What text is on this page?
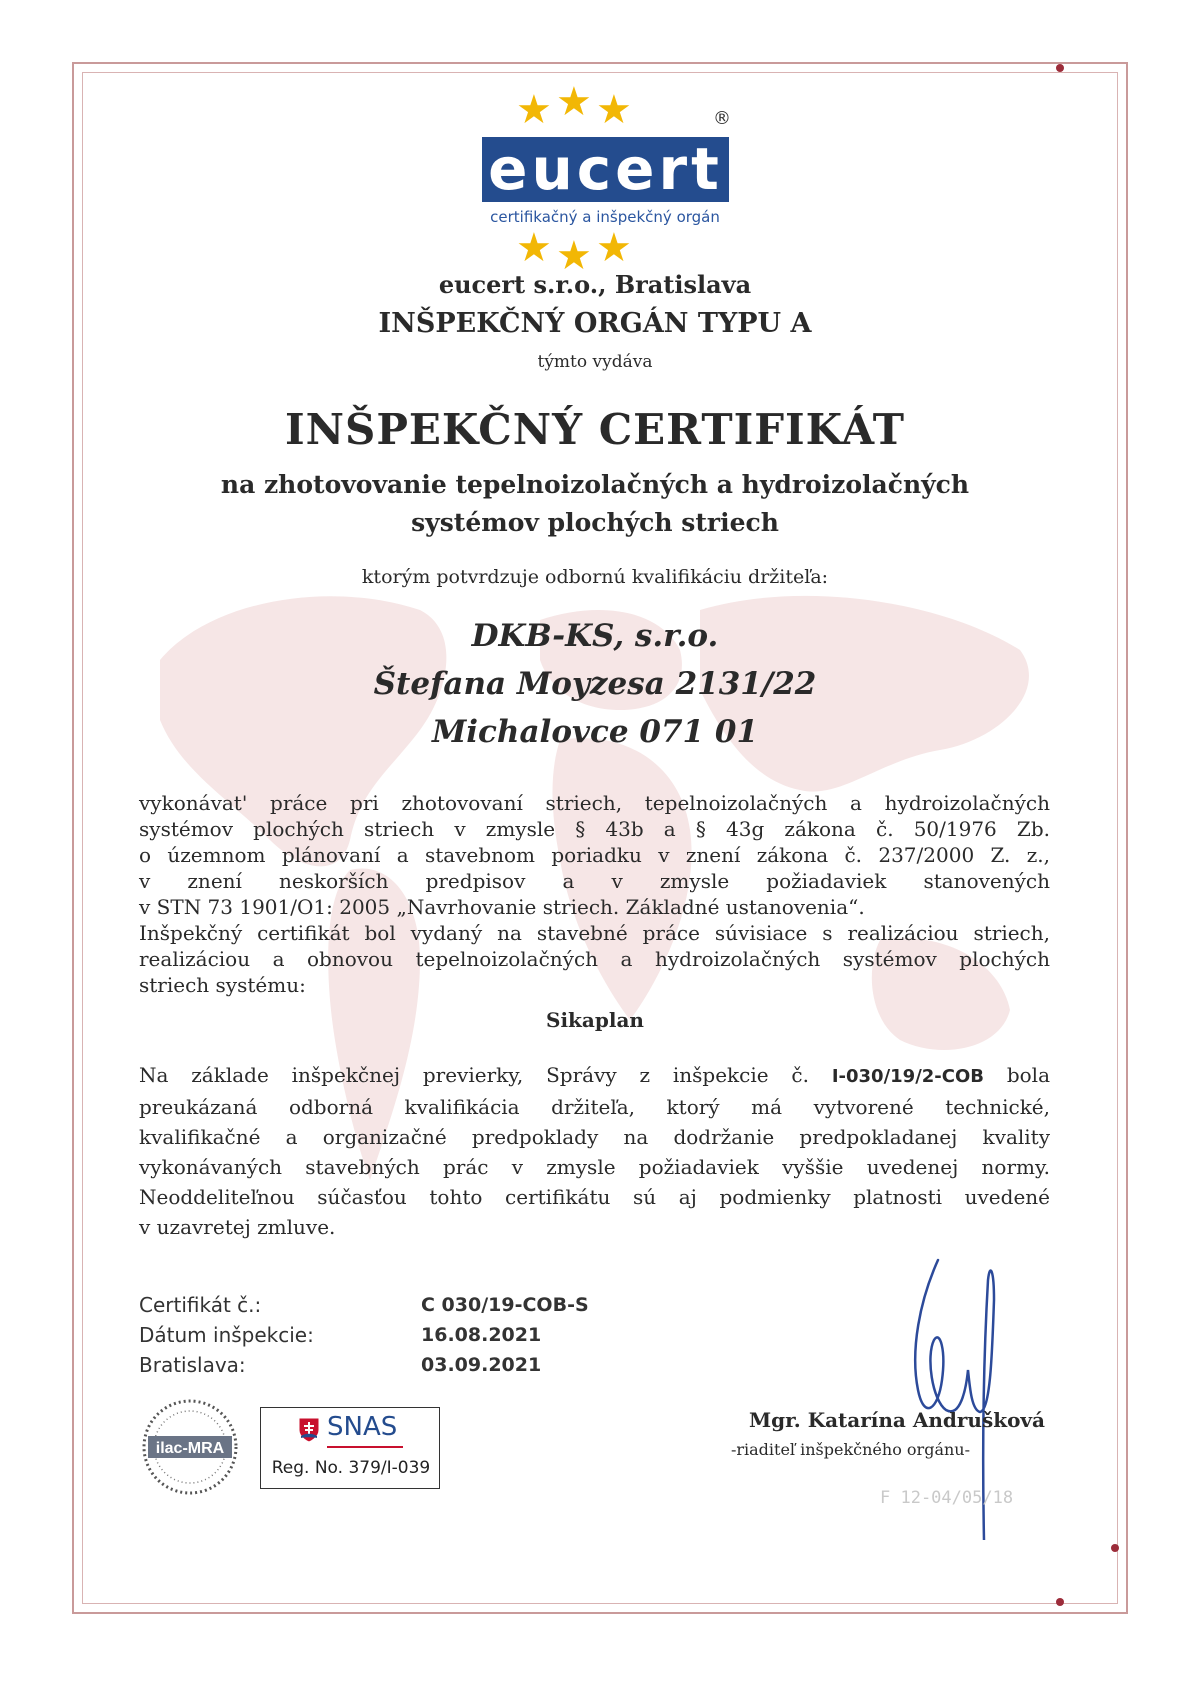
★ ★ ★	®
eucert
certifikačný a inšpekčný orgán
★ ★ ★
eucert s.r.o., Bratislava
INŠPEKČNÝ ORGÁN TYPU A
týmto vydáva
INŠPEKČNÝ CERTIFIKÁT
na zhotovovanie tepelnoizolačných a hydroizolačných
systémov plochých striech
ktorým potvrdzuje odbornú kvalifikáciu držiteľa:
DKB-KS, s.r.o.
Štefana Moyzesa 2131/22
Michalovce 071 01
vykonávat' práce pri zhotovovaní striech, tepelnoizolačných a hydroizolačných
systémov plochých striech v zmysle § 43b a § 43g zákona č. 50/1976 Zb.
o územnom plánovaní a stavebnom poriadku v znení zákona č. 237/2000 Z. z.,
v znení neskorších predpisov a v zmysle požiadaviek stanovených
v STN 73 1901/O1: 2005 „Navrhovanie striech. Základné ustanovenia“.
Inšpekčný certifikát bol vydaný na stavebné práce súvisiace s realizáciou striech,
realizáciou a obnovou tepelnoizolačných a hydroizolačných systémov plochých
striech systému:
Sikaplan
Na základe inšpekčnej previerky, Správy z inšpekcie č. I-030/19/2-COB bola
preukázaná odborná kvalifikácia držiteľa, ktorý má vytvorené technické,
kvalifikačné a organizačné predpoklady na dodržanie predpokladanej kvality
vykonávaných stavebných prác v zmysle požiadaviek vyššie uvedenej normy.
Neoddeliteľnou súčasťou tohto certifikátu sú aj podmienky platnosti uvedené
v uzavretej zmluve.
Certifikát č.:	C 030/19-COB-S
Dátum inšpekcie:	16.08.2021
Bratislava:	03.09.2021
Mgr. Katarína Andrušková
-riaditeľ inšpekčného orgánu-
F 12-04/05/18
ilac-MRA
SNAS
Reg. No. 379/I-039
